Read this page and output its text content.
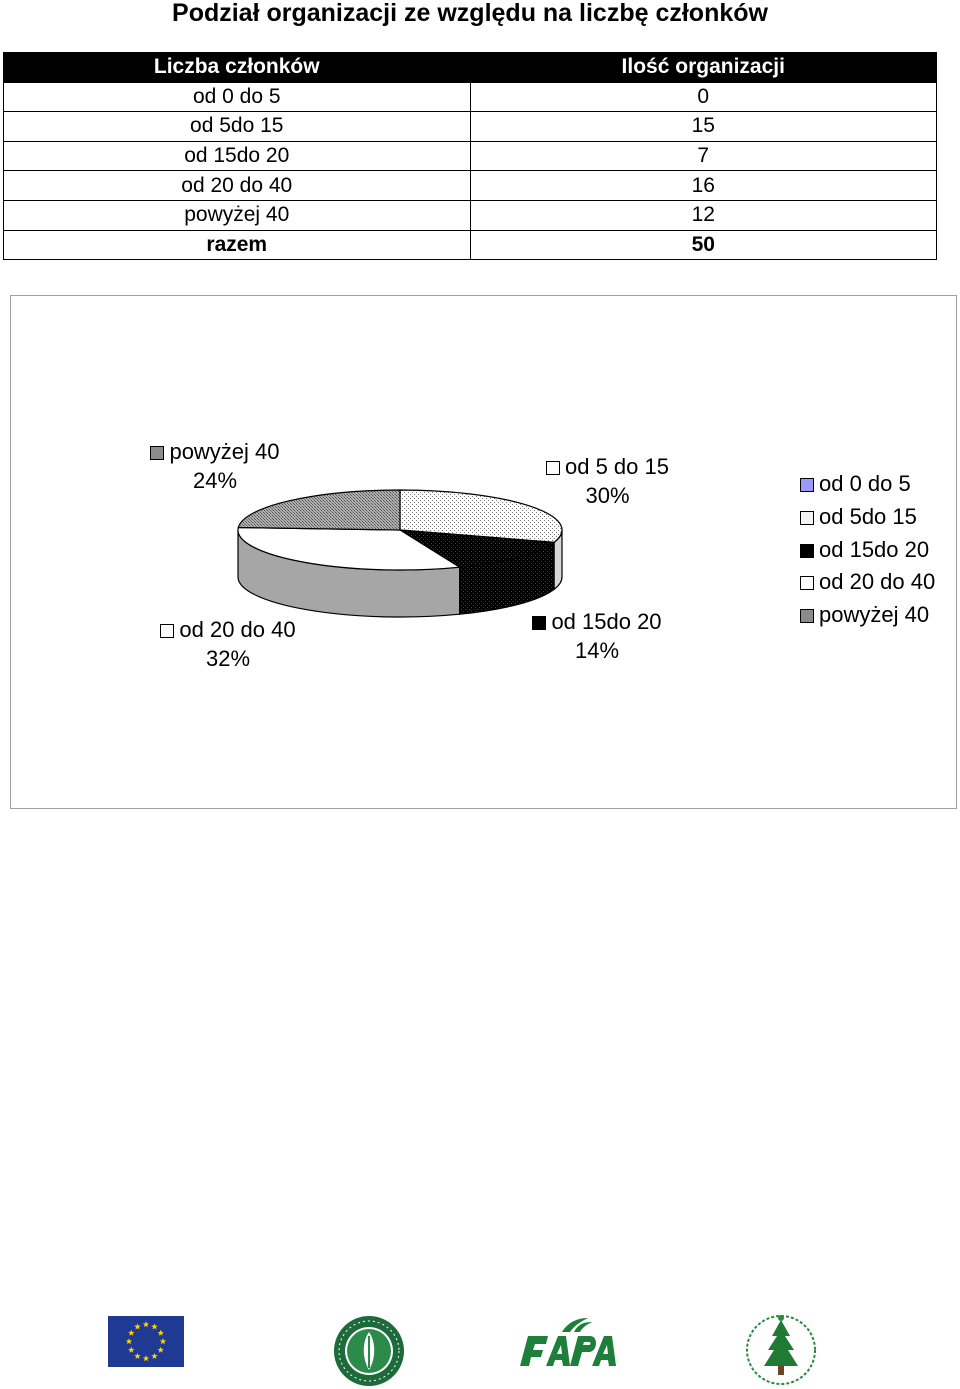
Podział organizacji ze względu na liczbę członków
Liczba członków	Ilość organizacji
od 0 do 5	0
od 5do 15	15
od 15do 20	7
od 20 do 40	16
powyżej 40	12
razem	50
powyżej 40
24%
od 5 do 15
30%
od 20 do 40
32%
od 15do 20
14%
od 0 do 5
od 5do 15
od 15do 20
od 20 do 40
powyżej 40
